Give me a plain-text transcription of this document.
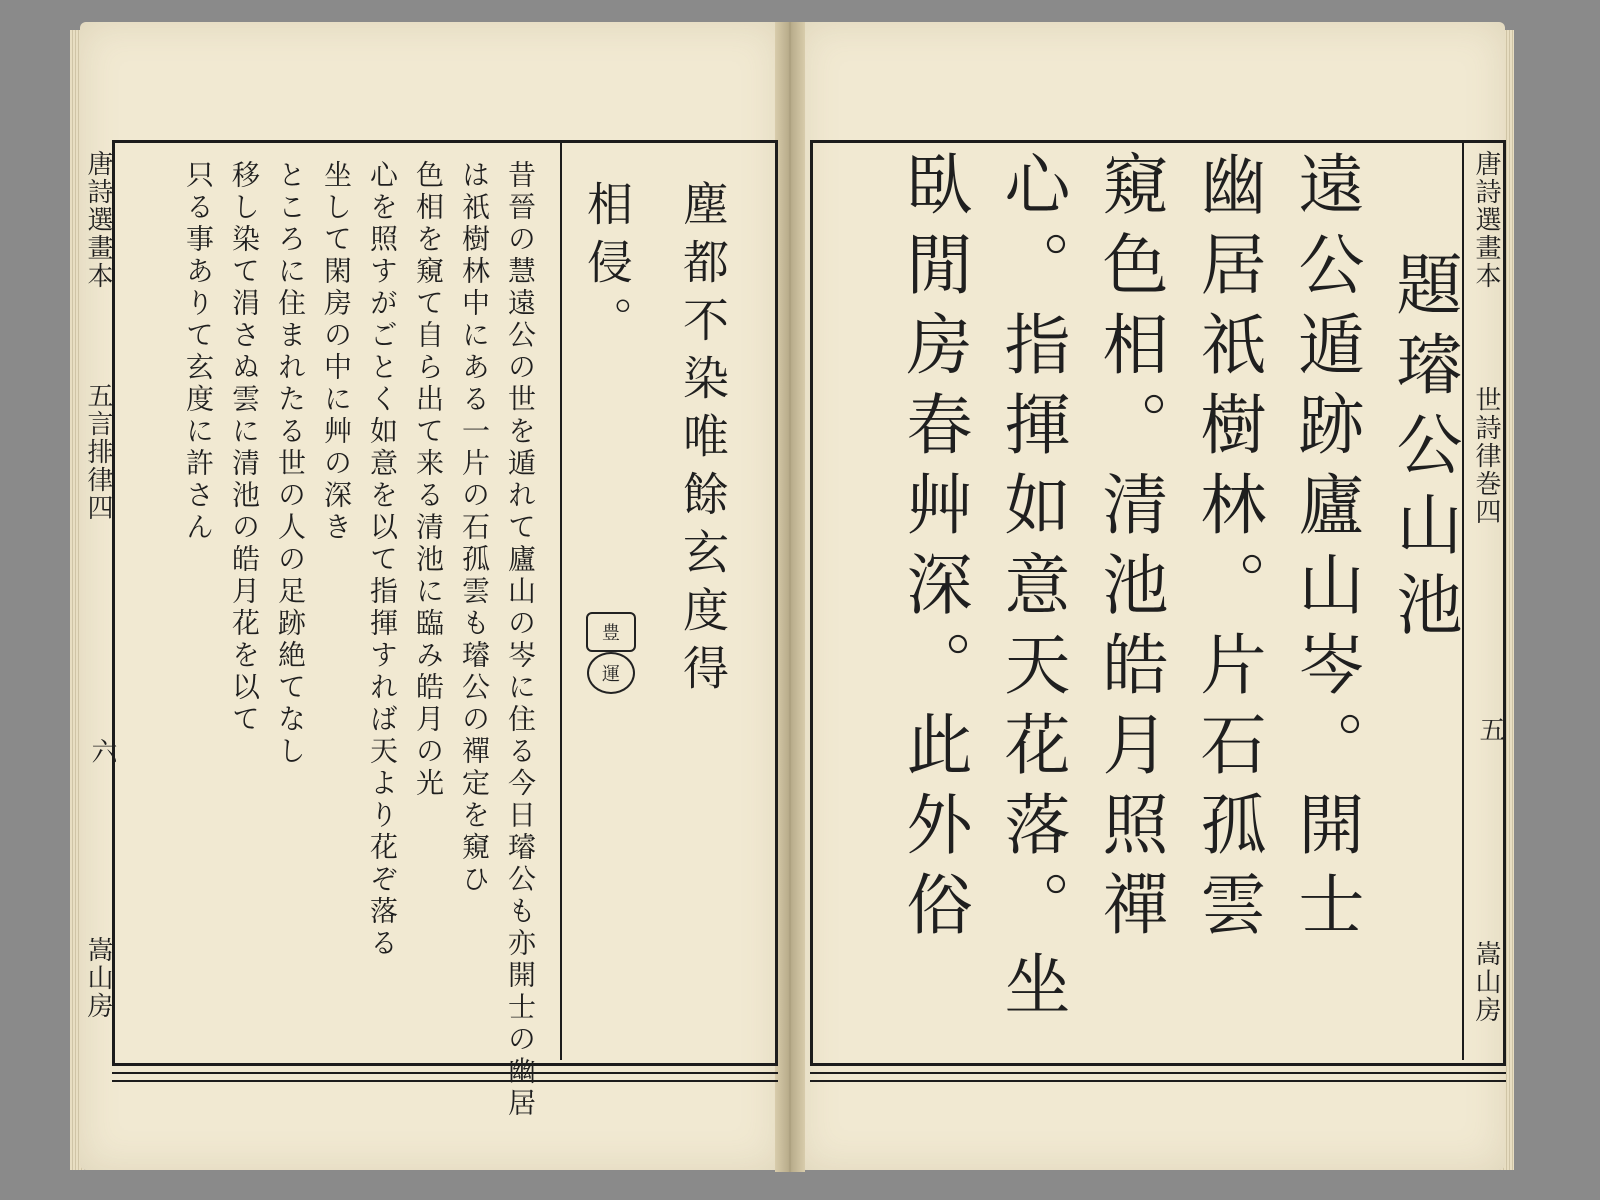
唐詩選畫本
五言排律四
六
嵩山房
塵都不染唯餘玄度得
相侵。
豊
運
昔晉の慧遠公の世を遁れて廬山の岑に住る今日璿公も亦開士の幽居
は祇樹林中にある一片の石孤雲も璿公の禪定を窺ひ
色相を窺て自ら出て来る清池に臨み皓月の光
心を照すがごとく如意を以て指揮すれば天より花ぞ落る
坐して閑房の中に艸の深き
ところに住まれたる世の人の足跡絶てなし
移し染て涓さぬ雲に清池の皓月花を以て
只る事ありて玄度に許さん	唐詩選畫本
世詩律巻四
五
嵩山房
題璿公山池
遠公遁跡廬山岑。開士
幽居祇樹林。片石孤雲
窺色相。清池皓月照禪
心。指揮如意天花落。坐
臥閒房春艸深。此外俗
